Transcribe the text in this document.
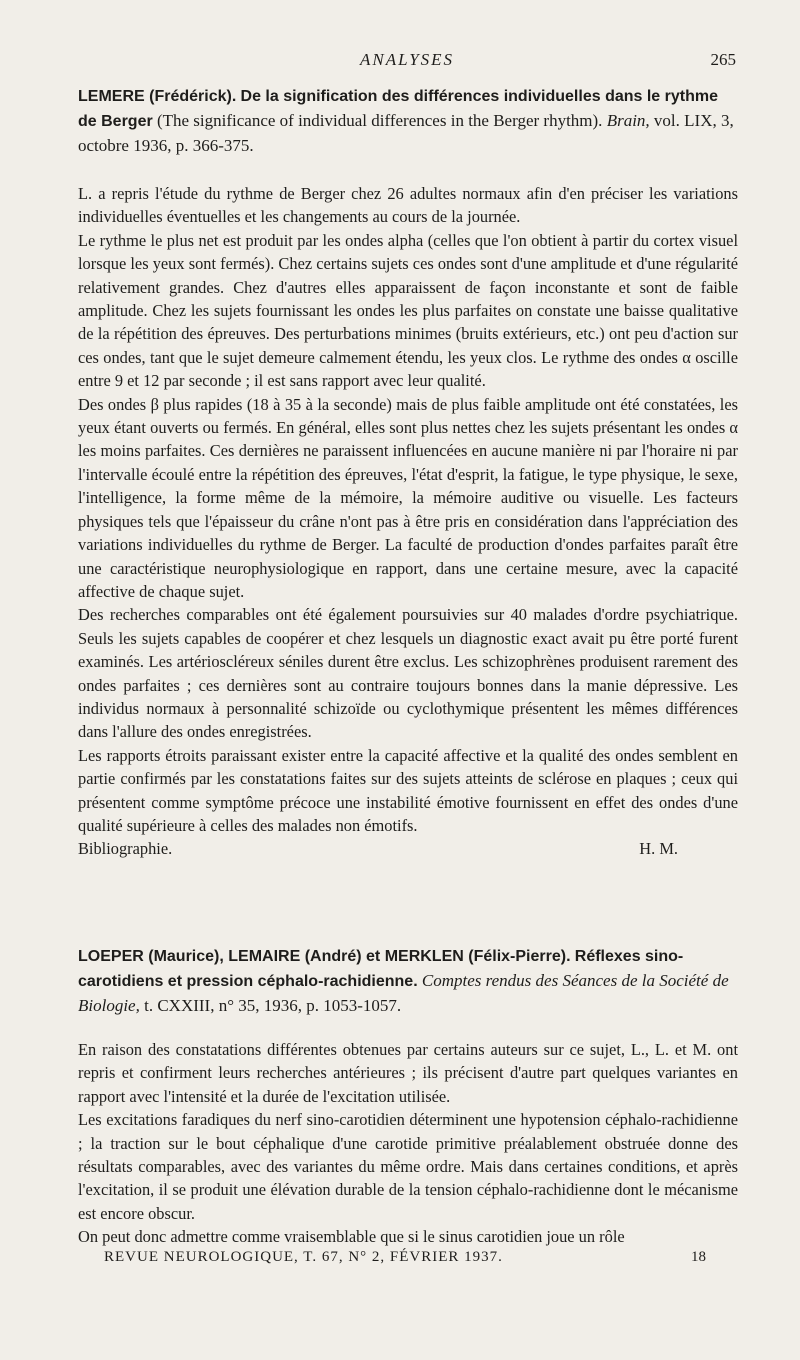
ANALYSES	265
LEMERE (Frédérick). De la signification des différences individuelles dans le rythme de Berger (The significance of individual differences in the Berger rhythm). Brain, vol. LIX, 3, octobre 1936, p. 366-375.

L. a repris l'étude du rythme de Berger chez 26 adultes normaux afin d'en préciser les variations individuelles éventuelles et les changements au cours de la journée.

Le rythme le plus net est produit par les ondes alpha (celles que l'on obtient à partir du cortex visuel lorsque les yeux sont fermés). Chez certains sujets ces ondes sont d'une amplitude et d'une régularité relativement grandes. Chez d'autres elles apparaissent de façon inconstante et sont de faible amplitude. Chez les sujets fournissant les ondes les plus parfaites on constate une baisse qualitative de la répétition des épreuves. Des perturbations minimes (bruits extérieurs, etc.) ont peu d'action sur ces ondes, tant que le sujet demeure calmement étendu, les yeux clos. Le rythme des ondes α oscille entre 9 et 12 par seconde ; il est sans rapport avec leur qualité.

Des ondes β plus rapides (18 à 35 à la seconde) mais de plus faible amplitude ont été constatées, les yeux étant ouverts ou fermés. En général, elles sont plus nettes chez les sujets présentant les ondes α les moins parfaites. Ces dernières ne paraissent influencées en aucune manière ni par l'horaire ni par l'intervalle écoulé entre la répétition des épreuves, l'état d'esprit, la fatigue, le type physique, le sexe, l'intelligence, la forme même de la mémoire, la mémoire auditive ou visuelle. Les facteurs physiques tels que l'épaisseur du crâne n'ont pas à être pris en considération dans l'appréciation des variations individuelles du rythme de Berger. La faculté de production d'ondes parfaites paraît être une caractéristique neurophysiologique en rapport, dans une certaine mesure, avec la capacité affective de chaque sujet.

Des recherches comparables ont été également poursuivies sur 40 malades d'ordre psychiatrique. Seuls les sujets capables de coopérer et chez lesquels un diagnostic exact avait pu être porté furent examinés. Les artérioscléreux séniles durent être exclus. Les schizophrènes produisent rarement des ondes parfaites ; ces dernières sont au contraire toujours bonnes dans la manie dépressive. Les individus normaux à personnalité schizoïde ou cyclothymique présentent les mêmes différences dans l'allure des ondes enregistrées.

Les rapports étroits paraissant exister entre la capacité affective et la qualité des ondes semblent en partie confirmés par les constatations faites sur des sujets atteints de sclérose en plaques ; ceux qui présentent comme symptôme précoce une instabilité émotive fournissent en effet des ondes d'une qualité supérieure à celles des malades non émotifs.

Bibliographie.	H. M.
LOEPER (Maurice), LEMAIRE (André) et MERKLEN (Félix-Pierre). Réflexes sino-carotidiens et pression céphalo-rachidienne. Comptes rendus des Séances de la Société de Biologie, t. CXXIII, n° 35, 1936, p. 1053-1057.

En raison des constatations différentes obtenues par certains auteurs sur ce sujet, L., L. et M. ont repris et confirment leurs recherches antérieures ; ils précisent d'autre part quelques variantes en rapport avec l'intensité et la durée de l'excitation utilisée.

Les excitations faradiques du nerf sino-carotidien déterminent une hypotension céphalo-rachidienne ; la traction sur le bout céphalique d'une carotide primitive préalablement obstruée donne des résultats comparables, avec des variantes du même ordre. Mais dans certaines conditions, et après l'excitation, il se produit une élévation durable de la tension céphalo-rachidienne dont le mécanisme est encore obscur.

On peut donc admettre comme vraisemblable que si le sinus carotidien joue un rôle

REVUE NEUROLOGIQUE, T. 67, N° 2, FÉVRIER 1937.	18
